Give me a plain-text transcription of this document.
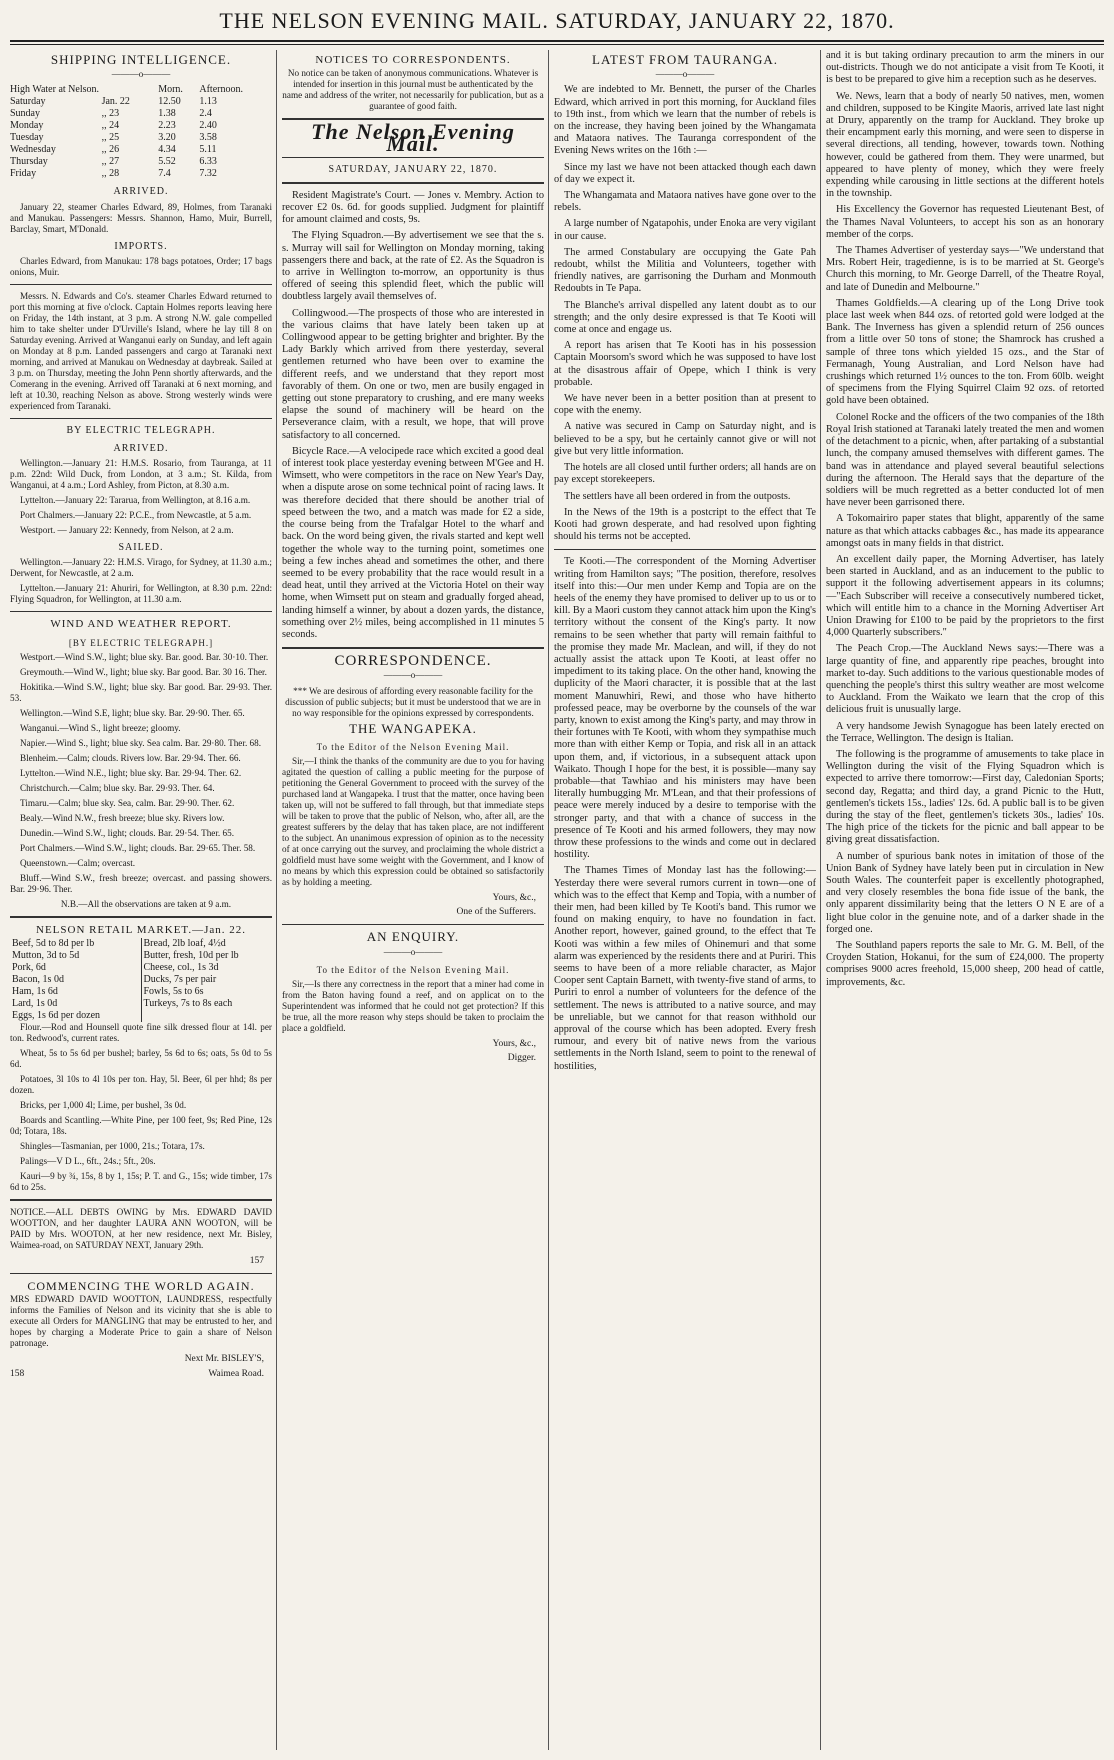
THE NELSON EVENING MAIL. SATURDAY, JANUARY 22, 1870.
SHIPPING INTELLIGENCE.
———o———
High Water at Nelson.		Morn.	Afternoon.
Saturday	Jan. 22	12.50	1.13
Sunday	,, 23	1.38	2.4
Monday	,, 24	2.23	2.40
Tuesday	,, 25	3.20	3.58
Wednesday	,, 26	4.34	5.11
Thursday	,, 27	5.52	6.33
Friday	,, 28	7.4	7.32
ARRIVED.

January 22, steamer Charles Edward, 89, Holmes, from Taranaki and Manukau. Passengers: Messrs. Shannon, Hamo, Muir, Burrell, Barclay, Smart, M'Donald.

IMPORTS.

Charles Edward, from Manukau: 178 bags potatoes, Order; 17 bags onions, Muir.

Messrs. N. Edwards and Co's. steamer Charles Edward returned to port this morning at five o'clock. Captain Holmes reports leaving here on Friday, the 14th instant, at 3 p.m. A strong N.W. gale compelled him to take shelter under D'Urville's Island, where he lay till 8 on Saturday evening. Arrived at Wanganui early on Sunday, and left again on Monday at 8 p.m. Landed passengers and cargo at Taranaki next morning, and arrived at Manukau on Wednesday at daybreak. Sailed at 3 p.m. on Thursday, meeting the John Penn shortly afterwards, and the Comerang in the evening. Arrived off Taranaki at 6 next morning, and left at 10.30, reaching Nelson as above. Strong westerly winds were experienced from Taranaki.

BY ELECTRIC TELEGRAPH.
ARRIVED.

Wellington.—January 21: H.M.S. Rosario, from Tauranga, at 11 p.m. 22nd: Wild Duck, from London, at 3 a.m.; St. Kilda, from Wanganui, at 4 a.m.; Lord Ashley, from Picton, at 8.30 a.m.

Lyttelton.—January 22: Tararua, from Wellington, at 8.16 a.m.

Port Chalmers.—January 22: P.C.E., from Newcastle, at 5 a.m.

Westport. — January 22: Kennedy, from Nelson, at 2 a.m.

SAILED.

Wellington.—January 22: H.M.S. Virago, for Sydney, at 11.30 a.m.; Derwent, for Newcastle, at 2 a.m.

Lyttelton.—January 21: Ahuriri, for Wellington, at 8.30 p.m. 22nd: Flying Squadron, for Wellington, at 11.30 a.m.

WIND AND WEATHER REPORT.
[BY ELECTRIC TELEGRAPH.]

Westport.—Wind S.W., light; blue sky. Bar. good. Bar. 30·10. Ther.

Greymouth.—Wind W., light; blue sky. Bar good. Bar. 30 16. Ther.

Hokitika.—Wind S.W., light; blue sky. Bar good. Bar. 29·93. Ther. 53.

Wellington.—Wind S.E, light; blue sky. Bar. 29·90. Ther. 65.

Wanganui.—Wind S., light breeze; gloomy.

Napier.—Wind S., light; blue sky. Sea calm. Bar. 29·80. Ther. 68.

Blenheim.—Calm; clouds. Rivers low. Bar. 29·94. Ther. 66.

Lyttelton.—Wind N.E., light; blue sky. Bar. 29·94. Ther. 62.

Christchurch.—Calm; blue sky. Bar. 29·93. Ther. 64.

Timaru.—Calm; blue sky. Sea, calm. Bar. 29·90. Ther. 62.

Bealy.—Wind N.W., fresh breeze; blue sky. Rivers low.

Dunedin.—Wind S.W., light; clouds. Bar. 29·54. Ther. 65.

Port Chalmers.—Wind S.W., light; clouds. Bar. 29·65. Ther. 58.

Queenstown.—Calm; overcast.

Bluff.—Wind S.W., fresh breeze; overcast. and passing showers. Bar. 29·96. Ther.

N.B.—All the observations are taken at 9 a.m.

NELSON RETAIL MARKET.—Jan. 22.
Beef, 5d to 8d per lb	Bread, 2lb loaf, 4½d
Mutton, 3d to 5d	Butter, fresh, 10d per lb
Pork, 6d	Cheese, col., 1s 3d
Bacon, 1s 0d	Ducks, 7s per pair
Ham, 1s 6d	Fowls, 5s to 6s
Lard, 1s 0d	Turkeys, 7s to 8s each
Eggs, 1s 6d per dozen	

Flour.—Rod and Hounsell quote fine silk dressed flour at 14l. per ton. Redwood's, current rates.

Wheat, 5s to 5s 6d per bushel; barley, 5s 6d to 6s; oats, 5s 0d to 5s 6d.

Potatoes, 3l 10s to 4l 10s per ton. Hay, 5l. Beer, 6l per hhd; 8s per dozen.

Bricks, per 1,000 4l; Lime, per bushel, 3s 0d.

Boards and Scantling.—White Pine, per 100 feet, 9s; Red Pine, 12s 0d; Totara, 18s.

Shingles—Tasmanian, per 1000, 21s.; Totara, 17s.

Palings—V D L., 6ft., 24s.; 5ft., 20s.

Kauri—9 by ¾, 15s, 8 by 1, 15s; P. T. and G., 15s; wide timber, 17s 6d to 25s.

NOTICE.—ALL DEBTS OWING by Mrs. EDWARD DAVID WOOTTON, and her daughter LAURA ANN WOOTON, will be PAID by Mrs. WOOTON, at her new residence, next Mr. Bisley, Waimea-road, on SATURDAY NEXT, January 29th.

157
COMMENCING THE WORLD AGAIN.

MRS EDWARD DAVID WOOTTON, LAUNDRESS, respectfully informs the Families of Nelson and its vicinity that she is able to execute all Orders for MANGLING that may be entrusted to her, and hopes by charging a Moderate Price to gain a share of Nelson patronage.

Next Mr. BISLEY'S,
158	Waimea Road.
NOTICES TO CORRESPONDENTS.

No notice can be taken of anonymous communications. Whatever is intended for insertion in this journal must be authenticated by the name and address of the writer, not necessarily for publication, but as a guarantee of good faith.

The Nelson Evening Mail.
SATURDAY, JANUARY 22, 1870.

Resident Magistrate's Court. — Jones v. Membry. Action to recover £2 0s. 6d. for goods supplied. Judgment for plaintiff for amount claimed and costs, 9s.

The Flying Squadron.—By advertisement we see that the s. s. Murray will sail for Wellington on Monday morning, taking passengers there and back, at the rate of £2. As the Squadron is to arrive in Wellington to-morrow, an opportunity is thus offered of seeing this splendid fleet, which the public will doubtless largely avail themselves of.

Collingwood.—The prospects of those who are interested in the various claims that have lately been taken up at Collingwood appear to be getting brighter and brighter. By the Lady Barkly which arrived from there yesterday, several gentlemen returned who have been over to examine the different reefs, and we understand that they report most favorably of them. On one or two, men are busily engaged in getting out stone preparatory to crushing, and ere many weeks elapse the sound of machinery will be heard on the Perseverance claim, with a result, we hope, that will prove satisfactory to all concerned.

Bicycle Race.—A velocipede race which excited a good deal of interest took place yesterday evening between M'Gee and H. Wimsett, who were competitors in the race on New Year's Day, when a dispute arose on some technical point of racing laws. It was therefore decided that there should be another trial of speed between the two, and a match was made for £2 a side, the course being from the Trafalgar Hotel to the wharf and back. On the word being given, the rivals started and kept well together the whole way to the turning point, sometimes one being a few inches ahead and sometimes the other, and there seemed to be every probability that the race would result in a dead heat, until they arrived at the Victoria Hotel on their way home, when Wimsett put on steam and gradually forged ahead, landing himself a winner, by about a dozen yards, the distance, something over 2½ miles, being accomplished in 11 minutes 5 seconds.

CORRESPONDENCE.
———o———

*** We are desirous of affording every reasonable facility for the discussion of public subjects; but it must be understood that we are in no way responsible for the opinions expressed by correspondents.

THE WANGAPEKA.
To the Editor of the Nelson Evening Mail.

Sir,—I think the thanks of the community are due to you for having agitated the question of calling a public meeting for the purpose of petitioning the General Government to proceed with the survey of the purchased land at Wangapeka. I trust that the matter, once having been taken up, will not be suffered to fall through, but that immediate steps will be taken to prove that the public of Nelson, who, after all, are the greatest sufferers by the delay that has taken place, are not indifferent to the subject. An unanimous expression of opinion as to the necessity of at once carrying out the survey, and proclaiming the whole district a goldfield must have some weight with the Government, and I know of no means by which this expression could be obtained so satisfactorily as by holding a meeting.

Yours, &c.,
One of the Sufferers.
AN ENQUIRY.
———o———
To the Editor of the Nelson Evening Mail.

Sir,—Is there any correctness in the report that a miner had come in from the Baton having found a reef, and on applicat on to the Superintendent was informed that he could not get protection? If this be true, all the more reason why steps should be taken to proclaim the place a goldfield.

Yours, &c.,
Digger.
LATEST FROM TAURANGA.
———o———

We are indebted to Mr. Bennett, the purser of the Charles Edward, which arrived in port this morning, for Auckland files to 19th inst., from which we learn that the number of rebels is on the increase, they having been joined by the Whangamata and Mataora natives. The Tauranga correspondent of the Evening News writes on the 16th :—

Since my last we have not been attacked though each dawn of day we expect it.

The Whangamata and Mataora natives have gone over to the rebels.

A large number of Ngatapohis, under Enoka are very vigilant in our cause.

The armed Constabulary are occupying the Gate Pah redoubt, whilst the Militia and Volunteers, together with friendly natives, are garrisoning the Durham and Monmouth Redoubts in Te Papa.

The Blanche's arrival dispelled any latent doubt as to our strength; and the only desire expressed is that Te Kooti will come at once and engage us.

A report has arisen that Te Kooti has in his possession Captain Moorsom's sword which he was supposed to have lost at the disastrous affair of Opepe, which I think is very probable.

We have never been in a better position than at present to cope with the enemy.

A native was secured in Camp on Saturday night, and is believed to be a spy, but he certainly cannot give or will not give but very little information.

The hotels are all closed until further orders; all hands are on pay except storekeepers.

The settlers have all been ordered in from the outposts.

In the News of the 19th is a postcript to the effect that Te Kooti had grown desperate, and had resolved upon fighting should his terms not be accepted.

Te Kooti.—The correspondent of the Morning Advertiser writing from Hamilton says; "The position, therefore, resolves itself into this:—Our men under Kemp and Topia are on the heels of the enemy they have promised to deliver up to us or to kill. By a Maori custom they cannot attack him upon the King's territory without the consent of the King's party. It now remains to be seen whether that party will remain faithful to the promise they made Mr. Maclean, and will, if they do not actually assist the attack upon Te Kooti, at least offer no impediment to its taking place. On the other hand, knowing the duplicity of the Maori character, it is possible that at the last moment Manuwhiri, Rewi, and those who have hitherto professed peace, may be overborne by the counsels of the war party, known to exist among the King's party, and may throw in their fortunes with Te Kooti, with whom they sympathise much more than with either Kemp or Topia, and risk all in an attack upon them, and, if victorious, in a subsequent attack upon Waikato. Though I hope for the best, it is possible—many say probable—that Tawhiao and his ministers may have been literally humbugging Mr. M'Lean, and that their professions of peace were merely induced by a desire to temporise with the stronger party, and that with a chance of success in the presence of Te Kooti and his armed followers, they may now throw these professions to the winds and come out in declared hostility.

The Thames Times of Monday last has the following:—Yesterday there were several rumors current in town—one of which was to the effect that Kemp and Topia, with a number of their men, had been killed by Te Kooti's band. This rumor we found on making enquiry, to have no foundation in fact. Another report, however, gained ground, to the effect that Te Kooti was within a few miles of Ohinemuri and that some alarm was experienced by the residents there and at Puriri. This seems to have been of a more reliable character, as Major Cooper sent Captain Barnett, with twenty-five stand of arms, to Puriri to enrol a number of volunteers for the defence of the settlement. The news is attributed to a native source, and may be unreliable, but we cannot for that reason withhold our approval of the course which has been adopted. Every fresh rumour, and every bit of native news from the various settlements in the North Island, seem to point to the renewal of hostilities,

and it is but taking ordinary precaution to arm the miners in our out-districts. Though we do not anticipate a visit from Te Kooti, it is best to be prepared to give him a reception such as he deserves.

We. News, learn that a body of nearly 50 natives, men, women and children, supposed to be Kingite Maoris, arrived late last night at Drury, apparently on the tramp for Auckland. They broke up their encampment early this morning, and were seen to disperse in several directions, all tending, however, towards town. Nothing however, could be gathered from them. They were unarmed, but appeared to have plenty of money, which they were freely expending while carousing in little sections at the different hotels in the township.

His Excellency the Governor has requested Lieutenant Best, of the Thames Naval Volunteers, to accept his son as an honorary member of the corps.

The Thames Advertiser of yesterday says—"We understand that Mrs. Robert Heir, tragedienne, is is to be married at St. George's Church this morning, to Mr. George Darrell, of the Theatre Royal, and late of Dunedin and Melbourne."

Thames Goldfields.—A clearing up of the Long Drive took place last week when 844 ozs. of retorted gold were lodged at the Bank. The Inverness has given a splendid return of 256 ounces from a little over 50 tons of stone; the Shamrock has crushed a sample of three tons which yielded 15 ozs., and the Star of Fermanagh, Young Australian, and Lord Nelson have had crushings which returned 1½ ounces to the ton. From 60lb. weight of specimens from the Flying Squirrel Claim 92 ozs. of retorted gold have been obtained.

Colonel Rocke and the officers of the two companies of the 18th Royal Irish stationed at Taranaki lately treated the men and women of the detachment to a picnic, when, after partaking of a substantial lunch, the company amused themselves with different games. The band was in attendance and played several beautiful selections during the afternoon. The Herald says that the departure of the soldiers will be much regretted as a better conducted lot of men have never been garrisoned there.

A Tokomairiro paper states that blight, apparently of the same nature as that which attacks cabbages &c., has made its appearance amongst oats in many fields in that district.

An excellent daily paper, the Morning Advertiser, has lately been started in Auckland, and as an inducement to the public to support it the following advertisement appears in its columns;—"Each Subscriber will receive a consecutively numbered ticket, which will entitle him to a chance in the Morning Advertiser Art Union Drawing for £100 to be paid by the proprietors to the first 4,000 Quarterly subscribers."

The Peach Crop.—The Auckland News says:—There was a large quantity of fine, and apparently ripe peaches, brought into market to-day. Such additions to the various questionable modes of quenching the people's thirst this sultry weather are most welcome to Auckland. From the Waikato we learn that the crop of this delicious fruit is unusually large.

A very handsome Jewish Synagogue has been lately erected on the Terrace, Wellington. The design is Italian.

The following is the programme of amusements to take place in Wellington during the visit of the Flying Squadron which is expected to arrive there tomorrow:—First day, Caledonian Sports; second day, Regatta; and third day, a grand Picnic to the Hutt, gentlemen's tickets 15s., ladies' 12s. 6d. A public ball is to be given during the stay of the fleet, gentlemen's tickets 30s., ladies' 10s. The high price of the tickets for the picnic and ball appear to be giving great dissatisfaction.

A number of spurious bank notes in imitation of those of the Union Bank of Sydney have lately been put in circulation in New South Wales. The counterfeit paper is excellently photographed, and very closely resembles the bona fide issue of the bank, the only apparent dissimilarity being that the letters O N E are of a light blue color in the genuine note, and of a darker shade in the forged one.

The Southland papers reports the sale to Mr. G. M. Bell, of the Croyden Station, Hokanui, for the sum of £24,000. The property comprises 9000 acres freehold, 15,000 sheep, 200 head of cattle, improvements, &c.
